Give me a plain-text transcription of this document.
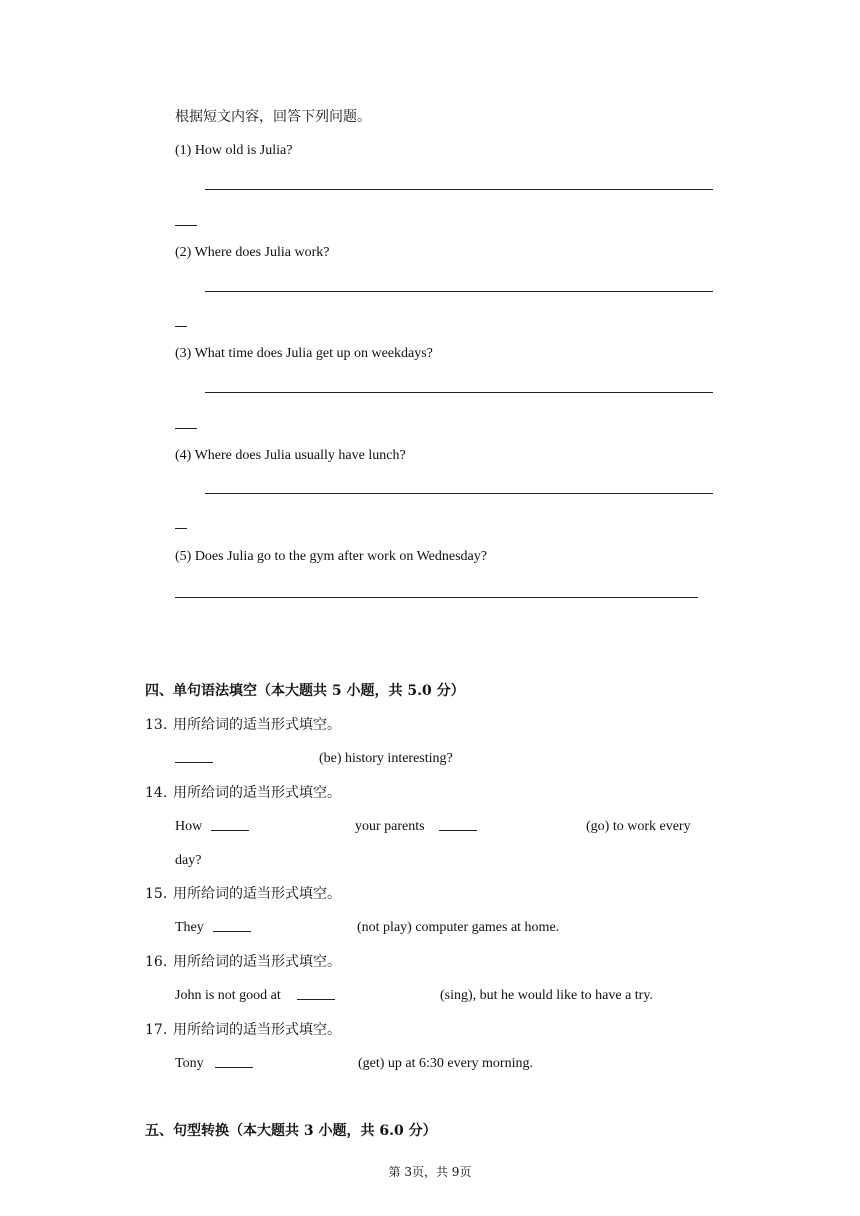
根据短文内容，回答下列问题。
(1) How old is Julia?
(2) Where does Julia work?
(3) What time does Julia get up on weekdays?
(4) Where does Julia usually have lunch?
(5) Does Julia go to the gym after work on Wednesday?
四、单句语法填空（本大题共 5 小题，共 5.0 分）
13. 用所给词的适当形式填空。
(be) history interesting?
14. 用所给词的适当形式填空。
How	your parents	(go) to work every
day?
15. 用所给词的适当形式填空。
They	(not play) computer games at home.
16. 用所给词的适当形式填空。
John is not good at	(sing), but he would like to have a try.
17. 用所给词的适当形式填空。
Tony	(get) up at 6:30 every morning.
五、句型转换（本大题共 3 小题，共 6.0 分）
第 3页，共 9页
